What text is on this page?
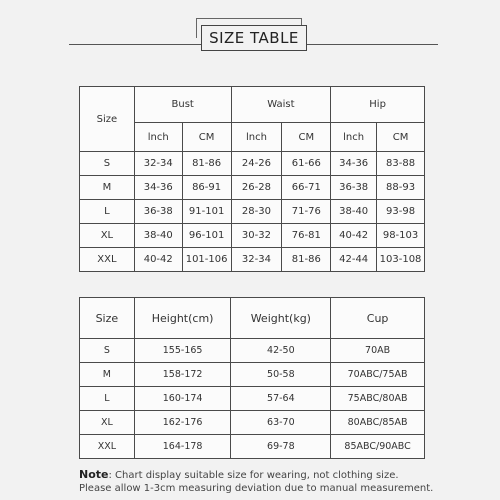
SIZE TABLE
Size	Bust		Waist		Hip	
	lnch	CM	lnch	CM	lnch	CM
S	32-34	81-86	24-26	61-66	34-36	83-88
M	34-36	86-91	26-28	66-71	36-38	88-93
L	36-38	91-101	28-30	71-76	38-40	93-98
XL	38-40	96-101	30-32	76-81	40-42	98-103
XXL	40-42	101-106	32-34	81-86	42-44	103-108
Size	Height(cm)	Weight(kg)	Cup
S	155-165	42-50	70AB
M	158-172	50-58	70ABC/75AB
L	160-174	57-64	75ABC/80AB
XL	162-176	63-70	80ABC/85AB
XXL	164-178	69-78	85ABC/90ABC
Note: Chart display suitable size for wearing, not clothing size.
Please allow 1-3cm measuring deviation due to manual measurement.
